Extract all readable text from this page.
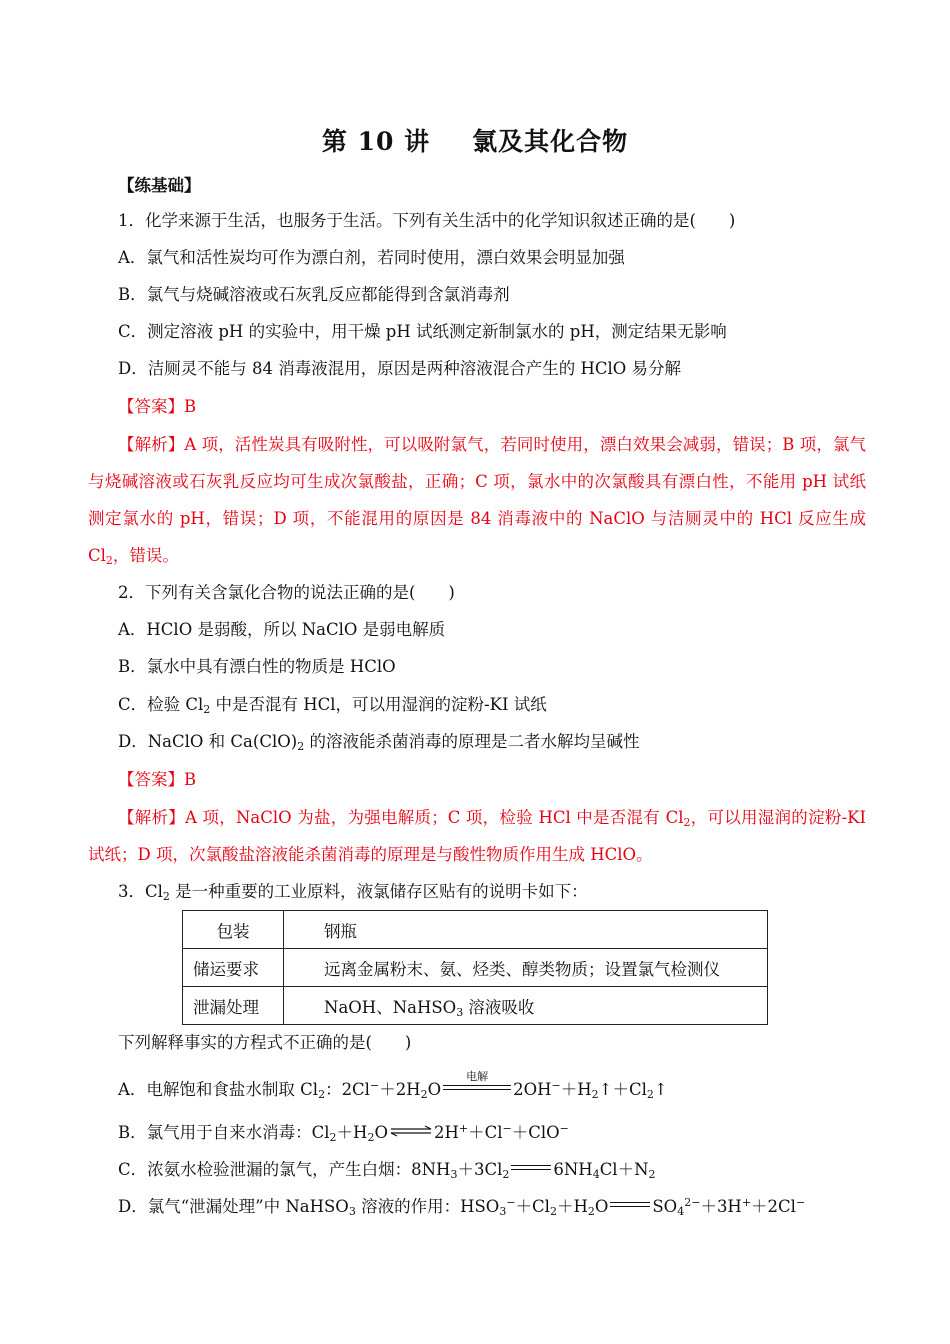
第 10 讲 氯及其化合物
【练基础】
1．化学来源于生活，也服务于生活。下列有关生活中的化学知识叙述正确的是(　　)
A．氯气和活性炭均可作为漂白剂，若同时使用，漂白效果会明显加强
B．氯气与烧碱溶液或石灰乳反应都能得到含氯消毒剂
C．测定溶液 pH 的实验中，用干燥 pH 试纸测定新制氯水的 pH，测定结果无影响
D．洁厕灵不能与 84 消毒液混用，原因是两种溶液混合产生的 HClO 易分解
【答案】B
【解析】A 项，活性炭具有吸附性，可以吸附氯气，若同时使用，漂白效果会减弱，错误；B 项，氯气与烧碱溶液或石灰乳反应均可生成次氯酸盐，正确；C 项，氯水中的次氯酸具有漂白性，不能用 pH 试纸测定氯水的 pH，错误；D 项，不能混用的原因是 84 消毒液中的 NaClO 与洁厕灵中的 HCl 反应生成 $Cl_2$，错误。
2．下列有关含氯化合物的说法正确的是(　　)
A．HClO 是弱酸，所以 NaClO 是弱电解质
B．氯水中具有漂白性的物质是 HClO
C．检验 $Cl_2$ 中是否混有 HCl，可以用湿润的淀粉-KI 试纸
D．NaClO 和 $Ca(ClO)_2$ 的溶液能杀菌消毒的原理是二者水解均呈碱性
【答案】B
【解析】A 项，NaClO 为盐，为强电解质；C 项，检验 HCl 中是否混有 $Cl_2$，可以用湿润的淀粉-KI 试纸；D 项，次氯酸盐溶液能杀菌消毒的原理是与酸性物质作用生成 HClO。
3．$Cl_2$ 是一种重要的工业原料，液氯储存区贴有的说明卡如下：
包装	钢瓶
储运要求	远离金属粉末、氨、烃类、醇类物质；设置氯气检测仪
泄漏处理	NaOH、NaHSO$_3$ 溶液吸收
下列解释事实的方程式不正确的是(　　)
A．电解饱和食盐水制取 $Cl_2$：$2Cl^-+2H_2O$
电解
$2OH^-+H_2↑+Cl_2↑$
B．氯气用于自来水消毒：$Cl_2+H_2O\rightleftharpoons 2H^++Cl^-+ClO^-$
C．浓氨水检验泄漏的氯气，产生白烟：$8NH_3+3Cl_2$	$6NH_4Cl+N_2$
D．氯气“泄漏处理”中 NaHSO$_3$ 溶液的作用：$HSO_3^-+Cl_2+H_2O$	$SO_4^{2-}+3H^++2Cl^-$
